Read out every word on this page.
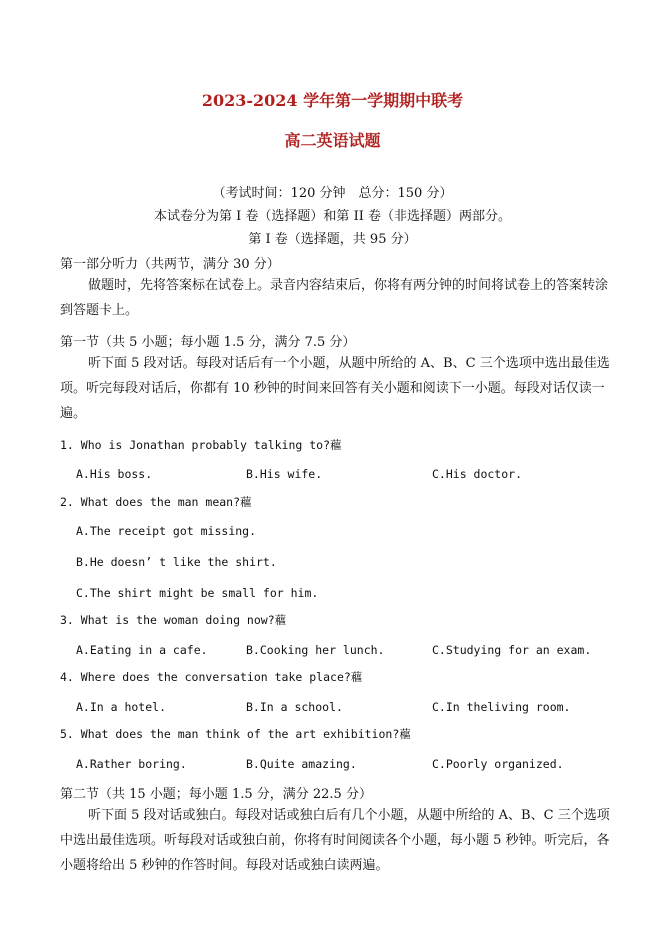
2023-2024 学年第一学期期中联考
高二英语试题
（考试时间：120 分钟　总分：150 分）
本试卷分为第 I 卷（选择题）和第 II 卷（非选择题）两部分。
第 I 卷（选择题，共 95 分）
第一部分听力（共两节，满分 30 分）
做题时，先将答案标在试卷上。录音内容结束后，你将有两分钟的时间将试卷上的答案转涂到答题卡上。
第一节（共 5 小题；每小题 1.5 分，满分 7.5 分）
听下面 5 段对话。每段对话后有一个小题，从题中所给的 A、B、C 三个选项中选出最佳选项。听完每段对话后，你都有 10 秒钟的时间来回答有关小题和阅读下一小题。每段对话仅读一遍。
1. Who is Jonathan probably talking to?藲
A.His boss.	B.His wife.	C.His doctor.
2. What does the man mean?藲
A.The receipt got missing.
B.He doesn’ t like the shirt.
C.The shirt might be small for him.
3. What is the woman doing now?藲
A.Eating in a cafe.	B.Cooking her lunch.	C.Studying for an exam.
4. Where does the conversation take place?藲
A.In a hotel.	B.In a school.	C.In theliving room.
5. What does the man think of the art exhibition?藲
A.Rather boring.	B.Quite amazing.	C.Poorly organized.
第二节（共 15 小题；每小题 1.5 分，满分 22.5 分）
听下面 5 段对话或独白。每段对话或独白后有几个小题，从题中所给的 A、B、C 三个选项中选出最佳选项。听每段对话或独白前，你将有时间阅读各个小题，每小题 5 秒钟。听完后，各小题将给出 5 秒钟的作答时间。每段对话或独白读两遍。
